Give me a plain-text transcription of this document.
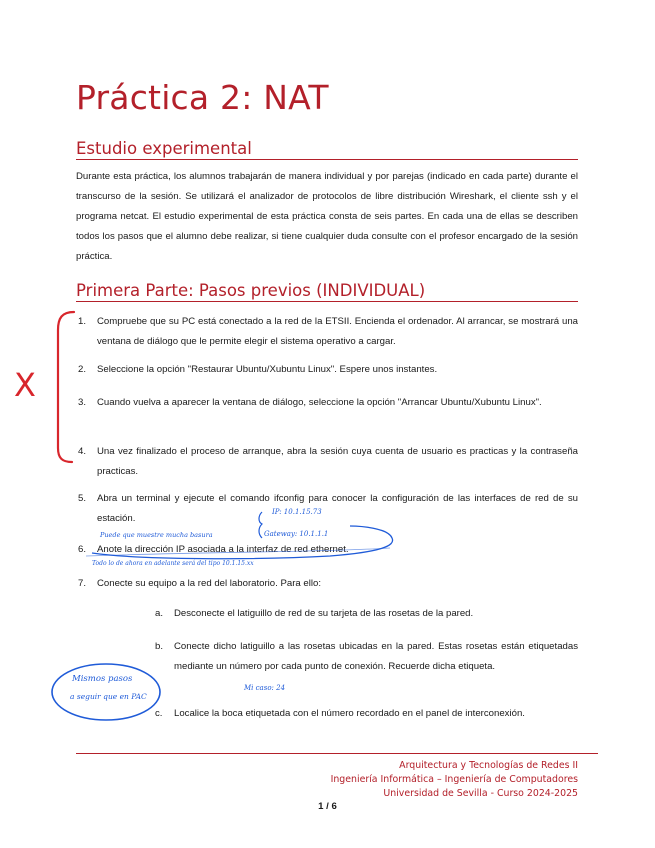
Práctica 2: NAT
Estudio experimental
Durante esta práctica, los alumnos trabajarán de manera individual y por parejas (indicado en cada parte) durante el transcurso de la sesión. Se utilizará el analizador de protocolos de libre distribución Wireshark, el cliente ssh y el programa netcat. El estudio experimental de esta práctica consta de seis partes. En cada una de ellas se describen todos los pasos que el alumno debe realizar, si tiene cualquier duda consulte con el profesor encargado de la sesión práctica.
Primera Parte: Pasos previos (INDIVIDUAL)
1. Compruebe que su PC está conectado a la red de la ETSII. Encienda el ordenador. Al arrancar, se mostrará una ventana de diálogo que le permite elegir el sistema operativo a cargar.
2. Seleccione la opción "Restaurar Ubuntu/Xubuntu Linux". Espere unos instantes.
3. Cuando vuelva a aparecer la ventana de diálogo, seleccione la opción "Arrancar Ubuntu/Xubuntu Linux".
4. Una vez finalizado el proceso de arranque, abra la sesión cuya cuenta de usuario es practicas y la contraseña practicas.
5. Abra un terminal y ejecute el comando ifconfig para conocer la configuración de las interfaces de red de su estación.
6. Anote la dirección IP asociada a la interfaz de red ethernet.
7. Conecte su equipo a la red del laboratorio. Para ello:
a. Desconecte el latiguillo de red de su tarjeta de las rosetas de la pared.
b. Conecte dicho latiguillo a las rosetas ubicadas en la pared. Estas rosetas están etiquetadas mediante un número por cada punto de conexión. Recuerde dicha etiqueta.
c. Localice la boca etiquetada con el número recordado en el panel de interconexión.
X
IP: 10.1.15.73
Gateway: 10.1.1.1
Puede que muestre mucha basura
Todo lo de ahora en adelante será del tipo 10.1.15.xx
Mi caso: 24
Mismos pasos
a seguir que en PAC
Arquitectura y Tecnologías de Redes II
Ingeniería Informática – Ingeniería de Computadores
Universidad de Sevilla - Curso 2024-2025
1 / 6
